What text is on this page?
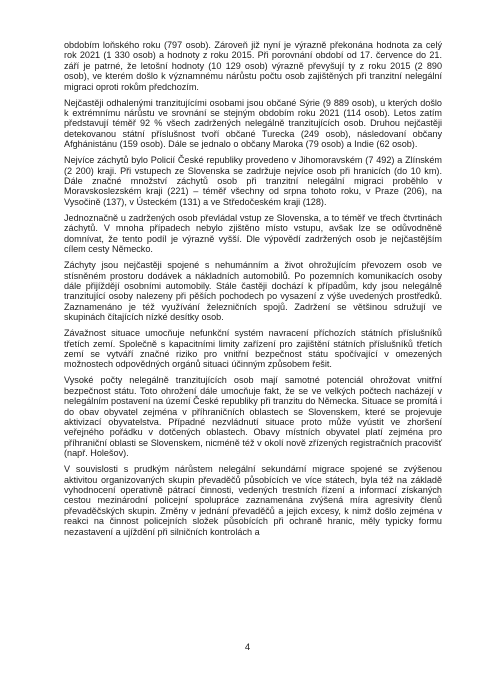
obdobím loňského roku (797 osob). Zároveň již nyní je výrazně překonána hodnota za celý rok 2021 (1 330 osob) a hodnoty z roku 2015. Při porovnání období od 17. července do 21. září je patrné, že letošní hodnoty (10 129 osob) výrazně převyšují ty z roku 2015 (2 890 osob), ve kterém došlo k významnému nárůstu počtu osob zajištěných při tranzitní nelegální migraci oproti rokům předchozím.

Nejčastěji odhalenými tranzitujícími osobami jsou občané Sýrie (9 889 osob), u kterých došlo k extrémnímu nárůstu ve srovnání se stejným obdobím roku 2021 (114 osob). Letos zatím představují téměř 92 % všech zadržených nelegálně tranzitujících osob. Druhou nejčastěji detekovanou státní příslušnost tvoří občané Turecka (249 osob), následovaní občany Afghánistánu (159 osob). Dále se jednalo o občany Maroka (79 osob) a Indie (62 osob).

Nejvíce záchytů bylo Policií České republiky provedeno v Jihomoravském (7 492) a Zlínském (2 200) kraji. Při vstupech ze Slovenska se zadržuje nejvíce osob při hranicích (do 10 km). Dále značné množství záchytů osob při tranzitní nelegální migraci proběhlo v Moravskoslezském kraji (221) – téměř všechny od srpna tohoto roku, v Praze (206), na Vysočině (137), v Ústeckém (131) a ve Středočeském kraji (128).

Jednoznačně u zadržených osob převládal vstup ze Slovenska, a to téměř ve třech čtvrtinách záchytů. V mnoha případech nebylo zjištěno místo vstupu, avšak lze se odůvodněně domnívat, že tento podíl je výrazně vyšší. Dle výpovědí zadržených osob je nejčastějším cílem cesty Německo.

Záchyty jsou nejčastěji spojené s nehumánním a život ohrožujícím převozem osob ve stísněném prostoru dodávek a nákladních automobilů. Po pozemních komunikacích osoby dále přijíždějí osobními automobily. Stále častěji dochází k případům, kdy jsou nelegálně tranzitující osoby nalezeny při pěších pochodech po vysazení z výše uvedených prostředků. Zaznamenáno je též využívání železničních spojů. Zadržení se většinou sdružují ve skupinách čítajících nízké desítky osob.

Závažnost situace umocňuje nefunkční systém navracení příchozích státních příslušníků třetích zemí. Společně s kapacitními limity zařízení pro zajištění státních příslušníků třetích zemí se vytváří značné riziko pro vnitřní bezpečnost státu spočívající v omezených možnostech odpovědných orgánů situaci účinným způsobem řešit.

Vysoké počty nelegálně tranzitujících osob mají samotné potenciál ohrožovat vnitřní bezpečnost státu. Toto ohrožení dále umocňuje fakt, že se ve velkých počtech nacházejí v nelegálním postavení na území České republiky při tranzitu do Německa. Situace se promítá i do obav obyvatel zejména v příhraničních oblastech se Slovenskem, které se projevuje aktivizací obyvatelstva. Případné nezvládnutí situace proto může vyústit ve zhoršení veřejného pořádku v dotčených oblastech. Obavy místních obyvatel platí zejména pro příhraniční oblasti se Slovenskem, nicméně též v okolí nově zřízených registračních pracovišť (např. Holešov).

V souvislosti s prudkým nárůstem nelegální sekundární migrace spojené se zvýšenou aktivitou organizovaných skupin převaděčů působících ve více státech, byla též na základě vyhodnocení operativně pátrací činnosti, vedených trestních řízení a informací získaných cestou mezinárodní policejní spolupráce zaznamenána zvýšená míra agresivity členů převaděčských skupin. Změny v jednání převaděčů a jejich excesy, k nimž došlo zejména v reakci na činnost policejních složek působících při ochraně hranic, měly typicky formu nezastavení a ujíždění při silničních kontrolách a

4
